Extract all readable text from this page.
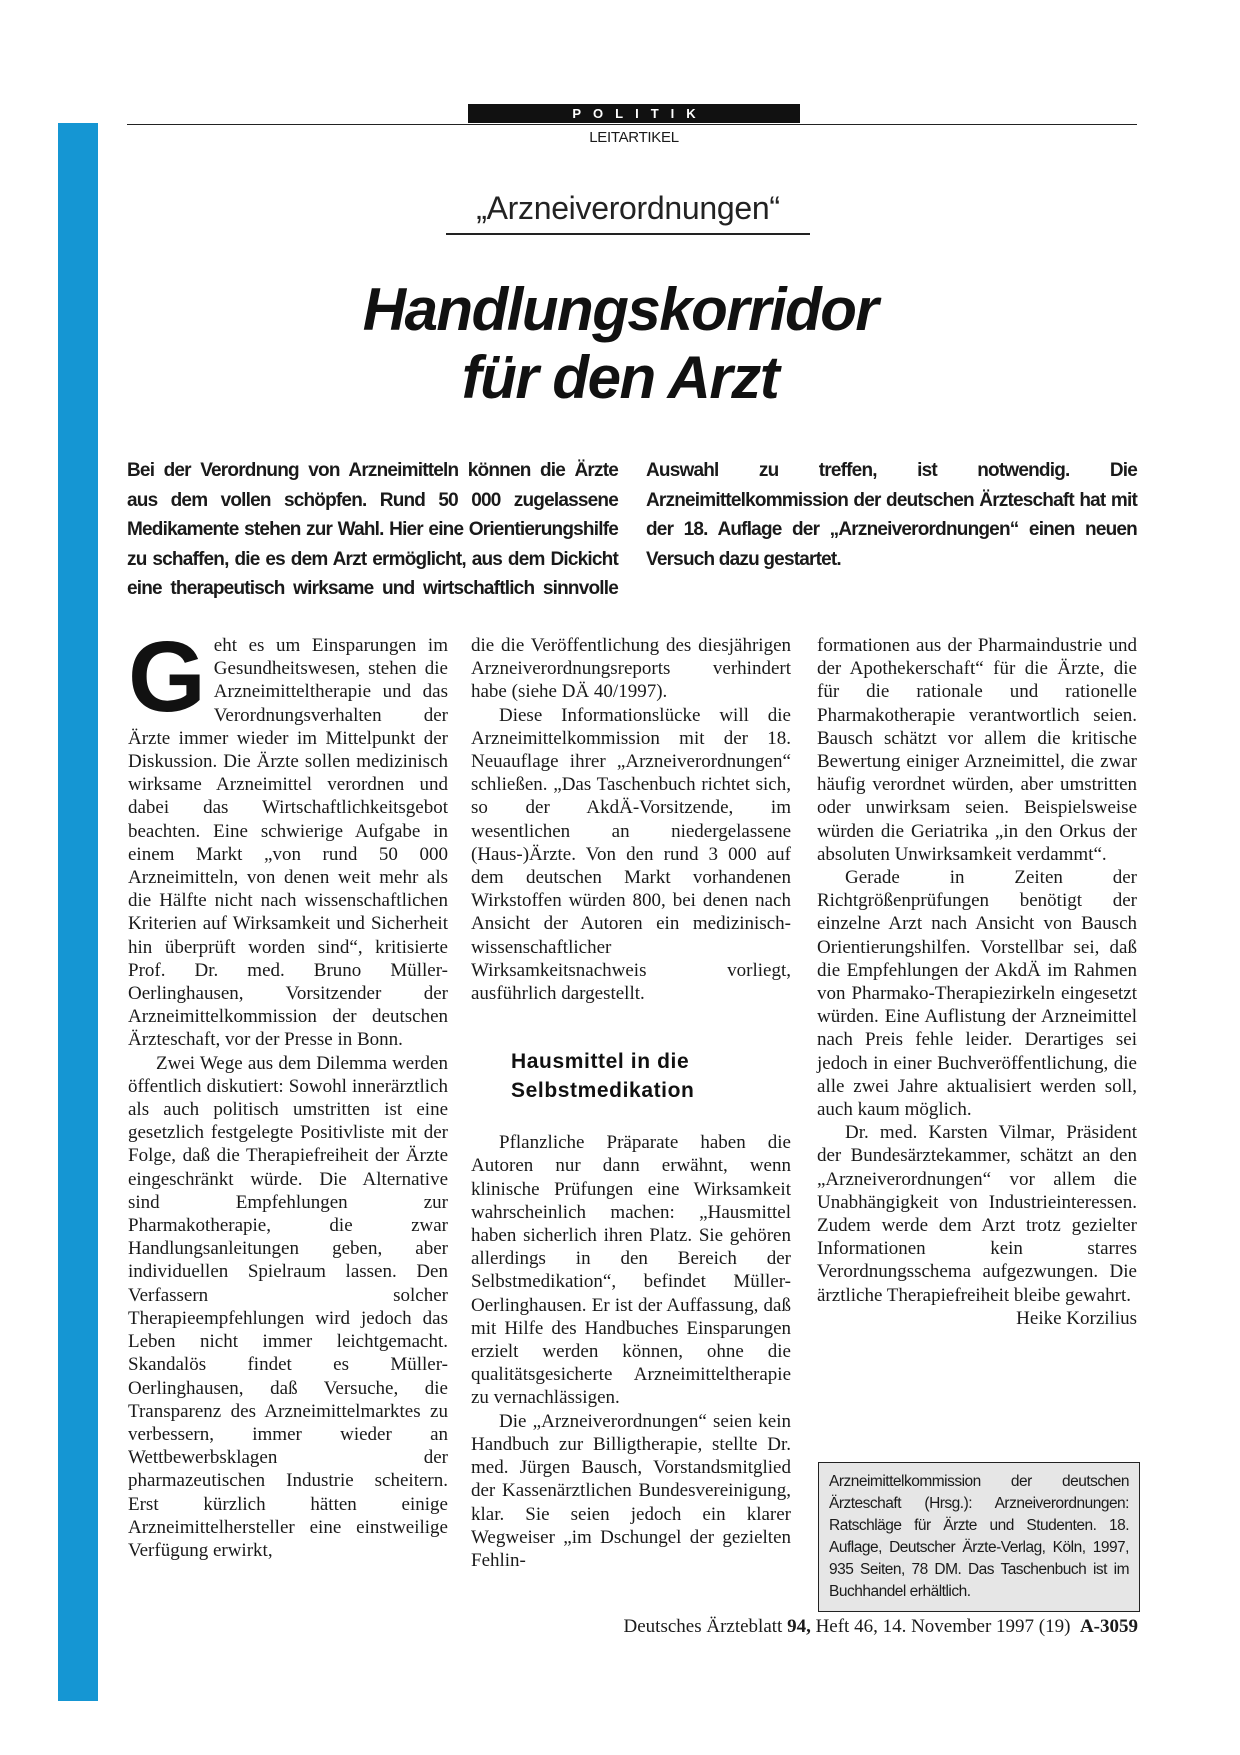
POLITIK
LEITARTIKEL
„Arzneiverordnungen“
Handlungskorridor
für den Arzt
Bei der Verordnung von Arzneimitteln können die Ärzte aus dem vollen schöpfen. Rund 50 000 zugelassene Medikamente stehen zur Wahl. Hier eine Orientierungshilfe zu schaffen, die es dem Arzt ermöglicht, aus dem Dickicht eine therapeutisch wirksame und wirtschaftlich sinnvolle Auswahl zu treffen, ist notwendig. Die Arzneimittelkommission der deutschen Ärzteschaft hat mit der 18. Auflage der „Arzneiverordnungen“ einen neuen Versuch dazu gestartet.

Geht es um Einsparungen im Gesundheitswesen, stehen die Arzneimitteltherapie und das Verordnungsverhalten der Ärzte immer wieder im Mittelpunkt der Diskussion. Die Ärzte sollen medizinisch wirksame Arzneimittel verordnen und dabei das Wirtschaftlichkeitsgebot beachten. Eine schwierige Aufgabe in einem Markt „von rund 50 000 Arzneimitteln, von denen weit mehr als die Hälfte nicht nach wissenschaftlichen Kriterien auf Wirksamkeit und Sicherheit hin überprüft worden sind“, kritisierte Prof. Dr. med. Bruno Müller-Oerlinghausen, Vorsitzender der Arzneimittelkommission der deutschen Ärzteschaft, vor der Presse in Bonn.

Zwei Wege aus dem Dilemma werden öffentlich diskutiert: Sowohl innerärztlich als auch politisch umstritten ist eine gesetzlich festgelegte Positivliste mit der Folge, daß die Therapiefreiheit der Ärzte eingeschränkt würde. Die Alternative sind Empfehlungen zur Pharmakotherapie, die zwar Handlungsanleitungen geben, aber individuellen Spielraum lassen. Den Verfassern solcher Therapieempfehlungen wird jedoch das Leben nicht immer leichtgemacht. Skandalös findet es Müller-Oerlinghausen, daß Versuche, die Transparenz des Arzneimittelmarktes zu verbessern, immer wieder an Wettbewerbsklagen der pharmazeutischen Industrie scheitern. Erst kürzlich hätten einige Arzneimittelhersteller eine einstweilige Verfügung erwirkt,

die die Veröffentlichung des diesjährigen Arzneiverordnungsreports verhindert habe (siehe DÄ 40/1997).

Diese Informationslücke will die Arzneimittelkommission mit der 18. Neuauflage ihrer „Arzneiverordnungen“ schließen. „Das Taschenbuch richtet sich, so der AkdÄ-Vorsitzende, im wesentlichen an niedergelassene (Haus-)Ärzte. Von den rund 3 000 auf dem deutschen Markt vorhandenen Wirkstoffen würden 800, bei denen nach Ansicht der Autoren ein medizinisch-wissenschaftlicher Wirksamkeitsnachweis vorliegt, ausführlich dargestellt.

Hausmittel in die
Selbstmedikation

Pflanzliche Präparate haben die Autoren nur dann erwähnt, wenn klinische Prüfungen eine Wirksamkeit wahrscheinlich machen: „Hausmittel haben sicherlich ihren Platz. Sie gehören allerdings in den Bereich der Selbstmedikation“, befindet Müller-Oerlinghausen. Er ist der Auffassung, daß mit Hilfe des Handbuches Einsparungen erzielt werden können, ohne die qualitätsgesicherte Arzneimitteltherapie zu vernachlässigen.

Die „Arzneiverordnungen“ seien kein Handbuch zur Billigtherapie, stellte Dr. med. Jürgen Bausch, Vorstandsmitglied der Kassenärztlichen Bundesvereinigung, klar. Sie seien jedoch ein klarer Wegweiser „im Dschungel der gezielten Fehlin-

formationen aus der Pharmaindustrie und der Apothekerschaft“ für die Ärzte, die für die rationale und rationelle Pharmakotherapie verantwortlich seien. Bausch schätzt vor allem die kritische Bewertung einiger Arzneimittel, die zwar häufig verordnet würden, aber umstritten oder unwirksam seien. Beispielsweise würden die Geriatrika „in den Orkus der absoluten Unwirksamkeit verdammt“.

Gerade in Zeiten der Richtgrößenprüfungen benötigt der einzelne Arzt nach Ansicht von Bausch Orientierungshilfen. Vorstellbar sei, daß die Empfehlungen der AkdÄ im Rahmen von Pharmako-Therapiezirkeln eingesetzt würden. Eine Auflistung der Arzneimittel nach Preis fehle leider. Derartiges sei jedoch in einer Buchveröffentlichung, die alle zwei Jahre aktualisiert werden soll, auch kaum möglich.

Dr. med. Karsten Vilmar, Präsident der Bundesärztekammer, schätzt an den „Arzneiverordnungen“ vor allem die Unabhängigkeit von Industrieinteressen. Zudem werde dem Arzt trotz gezielter Informationen kein starres Verordnungsschema aufgezwungen. Die ärztliche Therapiefreiheit bleibe gewahrt.

Heike Korzilius

Arzneimittelkommission der deutschen Ärzteschaft (Hrsg.): Arzneiverordnungen: Ratschläge für Ärzte und Studenten. 18. Auflage, Deutscher Ärzte-Verlag, Köln, 1997, 935 Seiten, 78 DM. Das Taschenbuch ist im Buchhandel erhältlich.
Deutsches Ärzteblatt 94, Heft 46, 14. November 1997 (19) A-3059
